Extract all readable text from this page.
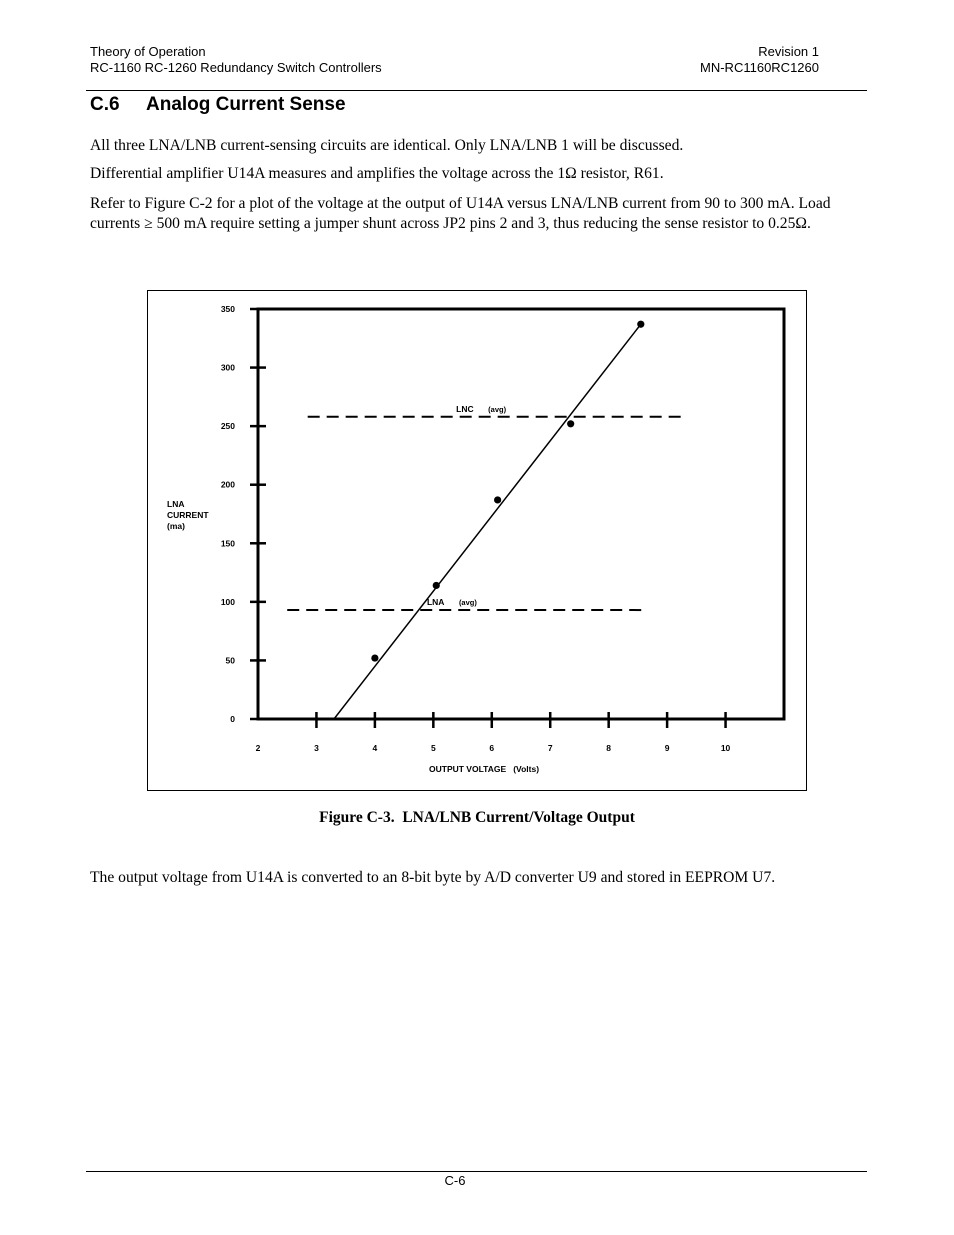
Theory of Operation
RC-1160 RC-1260 Redundancy Switch Controllers
Revision 1
MN-RC1160RC1260
C.6 Analog Current Sense

All three LNA/LNB current-sensing circuits are identical. Only LNA/LNB 1 will be discussed.

Differential amplifier U14A measures and amplifies the voltage across the 1Ω resistor, R61.

Refer to Figure C-2 for a plot of the voltage at the output of U14A versus LNA/LNB current from 90 to 300 mA. Load currents ≥ 500 mA require setting a jumper shunt across JP2 pins 2 and 3, thus reducing the sense resistor to 0.25Ω.

0
50
100
150
200
250
300
350
2	3	4	5	6	7	8	9	10
LNC (avg)
LNA (avg)
LNA CURRENT (ma)
OUTPUT VOLTAGE   (Volts)
Figure C-3.  LNA/LNB Current/Voltage Output

The output voltage from U14A is converted to an 8-bit byte by A/D converter U9 and stored in EEPROM U7.

C-6
